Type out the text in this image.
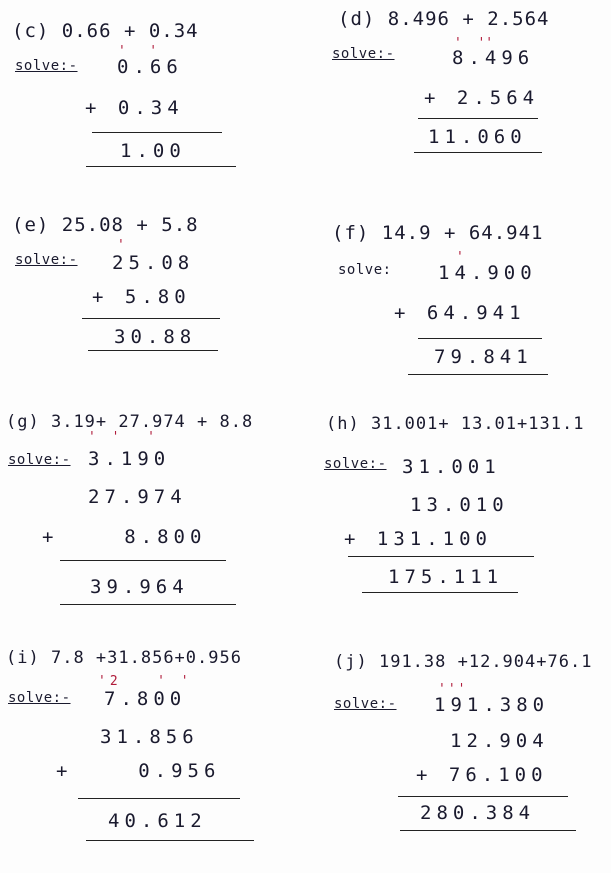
(c) 0.66 + 0.34
solve:-
'   '
0.66
+ 0.34
1.00
(d) 8.496 + 2.564
solve:-
'  ''
8.496
+ 2.564
11.060
(e) 25.08 + 5.8
solve:-
'
25.08
+ 5.80
30.88
(f) 14.9 + 64.941
solve:
'
14.900
+ 64.941
79.841
(g) 3.19+ 27.974 + 8.8
solve:-
' '  '
3.190
27.974
+    8.800
39.964
(h) 31.001+ 13.01+131.1
solve:- 31.001
13.010
+ 131.100
175.111
(i) 7.8 +31.856+0.956
solve:-
'2   ' '
7.800
31.856
+    0.956
40.612
(j) 191.38 +12.904+76.1
solve:-
'''
191.380
12.904
+ 76.100
280.384
